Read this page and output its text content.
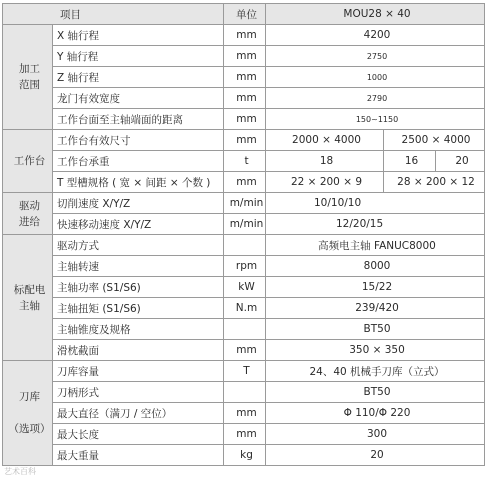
项目		单位	MOU28 × 40		
加工
范围	X 轴行程	mm	4200		
	Y 轴行程	mm	2750		
	Z 轴行程	mm	1000		
	龙门有效宽度	mm	2790		
	工作台面至主轴端面的距离	mm	150~1150		
工作台	工作台有效尺寸	mm	2000 × 4000	2500 × 4000	
	工作台承重	t	18	16	20
	T 型槽规格 ( 宽 × 间距 × 个数 )	mm	22 × 200 × 9	28 × 200 × 12	
驱动
进给	切削速度 X/Y/Z	m/min	10/10/10		
	快速移动速度 X/Y/Z	m/min	12/20/15		
标配电
主轴	驱动方式		高频电主轴 FANUC8000		
	主轴转速	rpm	8000		
	主轴功率 (S1/S6)	kW	15/22		
	主轴扭矩 (S1/S6)	N.m	239/420		
	主轴锥度及规格		BT50		
	滑枕截面	mm	350 × 350		
刀库

（选项）	刀库容量	T	24、40 机械手刀库（立式）		
	刀柄形式		BT50		
	最大直径（满刀 / 空位）	mm	Φ 110/Φ 220		
	最大长度	mm	300		
	最大重量	kg	20		
艺术百科
